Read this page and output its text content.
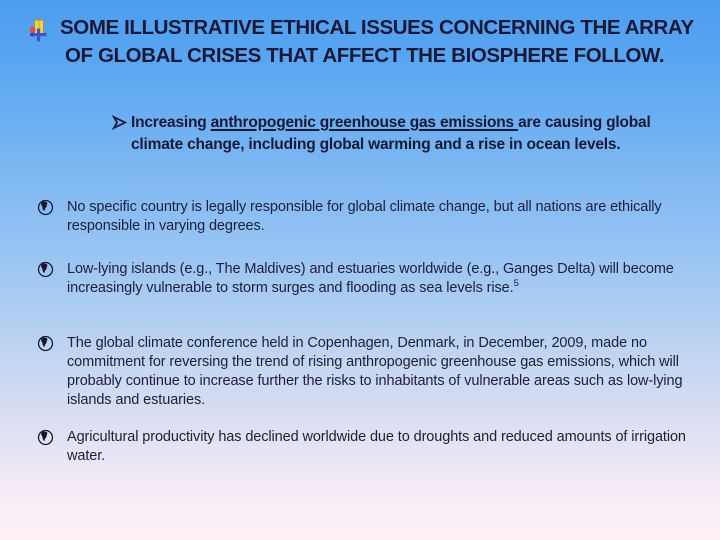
SOME ILLUSTRATIVE ETHICAL ISSUES CONCERNING THE ARRAY
OF GLOBAL CRISES THAT AFFECT THE BIOSPHERE FOLLOW.
Increasing anthropogenic greenhouse gas emissions are causing global climate change, including global warming and a rise in ocean levels.
No specific country is legally responsible for global climate change, but all nations are ethically responsible in varying degrees.
Low-lying islands (e.g., The Maldives) and estuaries worldwide (e.g., Ganges Delta) will become increasingly vulnerable to storm surges and flooding as sea levels rise.$^5$
The global climate conference held in Copenhagen, Denmark, in December, 2009, made no commitment for reversing the trend of rising anthropogenic greenhouse gas emissions, which will probably continue to increase further the risks to inhabitants of vulnerable areas such as low-lying islands and estuaries.
Agricultural productivity has declined worldwide due to droughts and reduced amounts of irrigation water.
